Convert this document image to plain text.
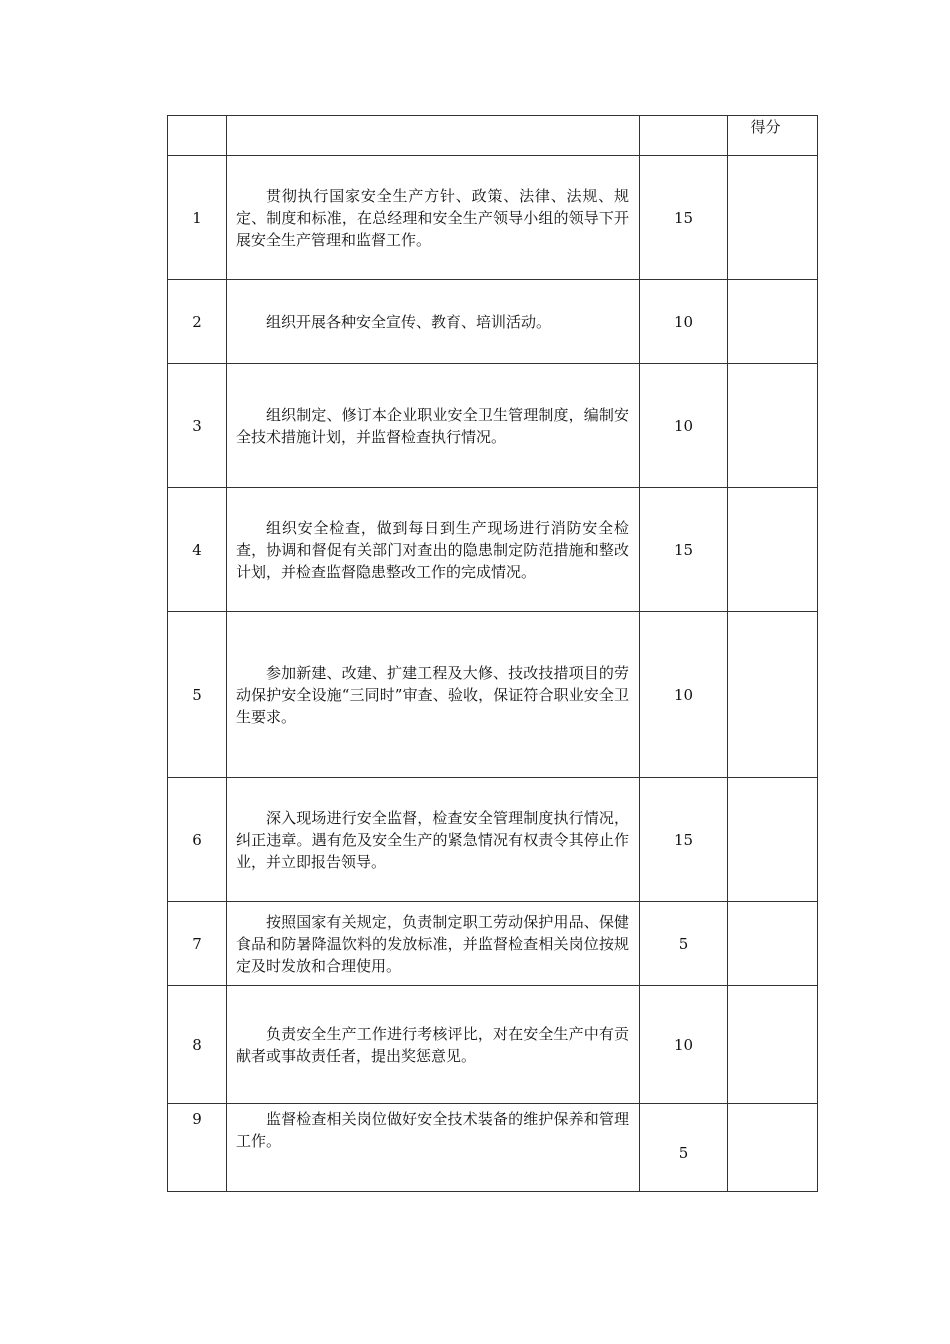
			得分
1	贯彻执行国家安全生产方针、政策、法律、法规、规定、制度和标准，在总经理和安全生产领导小组的领导下开展安全生产管理和监督工作。	15	
2	组织开展各种安全宣传、教育、培训活动。	10	
3	组织制定、修订本企业职业安全卫生管理制度，编制安全技术措施计划，并监督检查执行情况。	10	
4	组织安全检查，做到每日到生产现场进行消防安全检查，协调和督促有关部门对查出的隐患制定防范措施和整改计划，并检查监督隐患整改工作的完成情况。	15	
5	参加新建、改建、扩建工程及大修、技改技措项目的劳动保护安全设施“三同时”审查、验收，保证符合职业安全卫生要求。	10	
6	深入现场进行安全监督，检查安全管理制度执行情况，纠正违章。遇有危及安全生产的紧急情况有权责令其停止作业，并立即报告领导。	15	
7	按照国家有关规定，负责制定职工劳动保护用品、保健食品和防暑降温饮料的发放标准，并监督检查相关岗位按规定及时发放和合理使用。	5	
8	负责安全生产工作进行考核评比，对在安全生产中有贡献者或事故责任者，提出奖惩意见。	10	
9	监督检查相关岗位做好安全技术装备的维护保养和管理工作。	5	
